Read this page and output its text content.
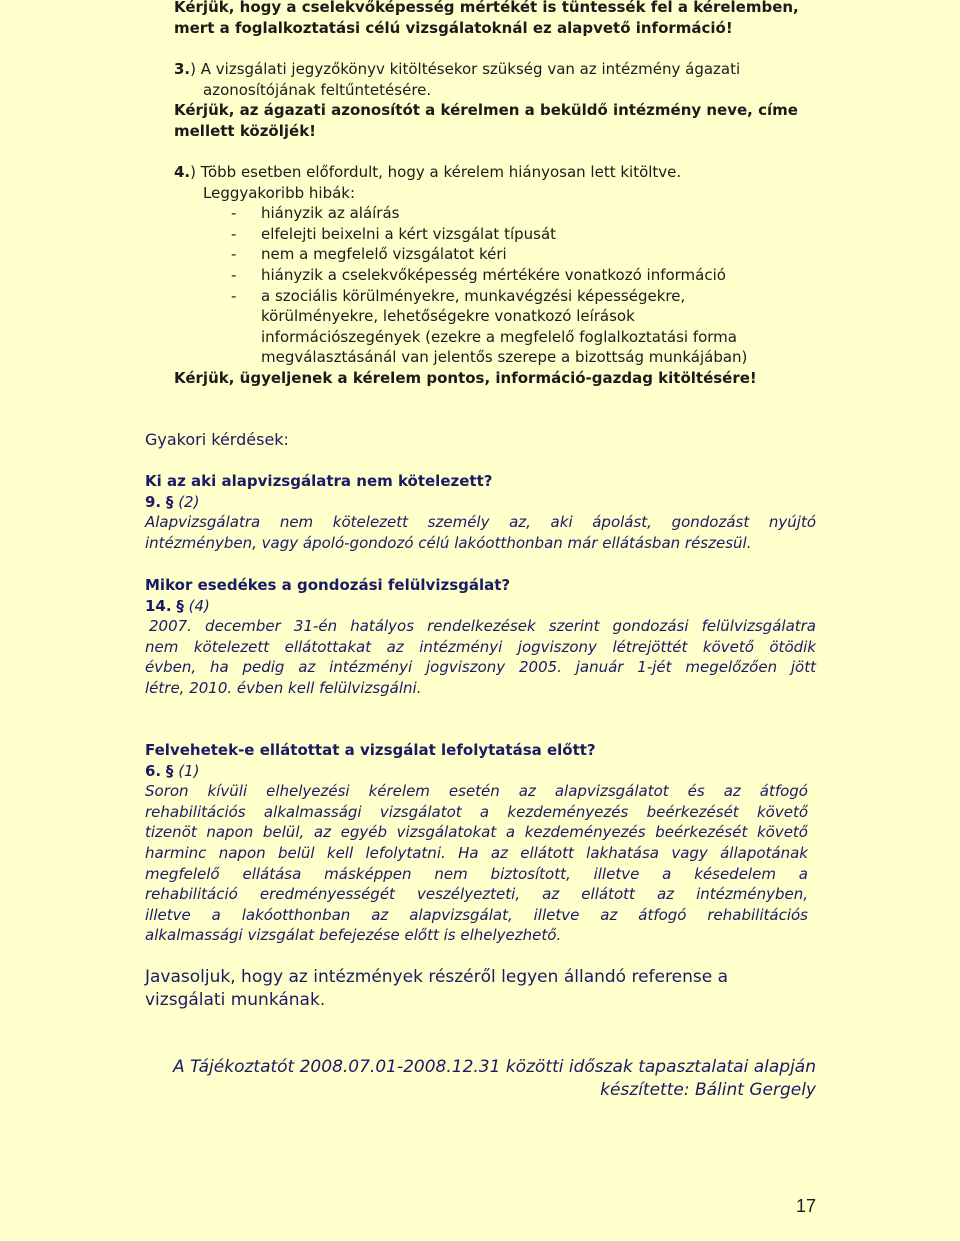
Kérjük, hogy a cselekvőképesség mértékét is tüntessék fel a kérelemben,
mert a foglalkoztatási célú vizsgálatoknál ez alapvető információ!
3.) A vizsgálati jegyzőkönyv kitöltésekor szükség van az intézmény ágazati
azonosítójának feltűntetésére.
Kérjük, az ágazati azonosítót a kérelmen a beküldő intézmény neve, címe
mellett közöljék!
4.) Több esetben előfordult, hogy a kérelem hiányosan lett kitöltve.
Leggyakoribb hibák:
- hiányzik az aláírás
- elfelejti beixelni a kért vizsgálat típusát
- nem a megfelelő vizsgálatot kéri
- hiányzik a cselekvőképesség mértékére vonatkozó információ
- a szociális körülményekre, munkavégzési képességekre,
körülményekre, lehetőségekre vonatkozó leírások
információszegények (ezekre a megfelelő foglalkoztatási forma
megválasztásánál van jelentős szerepe a bizottság munkájában)
Kérjük, ügyeljenek a kérelem pontos, információ-gazdag kitöltésére!
Gyakori kérdések:
Ki az aki alapvizsgálatra nem kötelezett?
9. § (2)
Alapvizsgálatra nem kötelezett személy az, aki ápolást, gondozást nyújtó
intézményben, vagy ápoló-gondozó célú lakóotthonban már ellátásban részesül.
Mikor esedékes a gondozási felülvizsgálat?
14. § (4)
2007. december 31-én hatályos rendelkezések szerint gondozási felülvizsgálatra
nem kötelezett ellátottakat az intézményi jogviszony létrejöttét követő ötödik
évben, ha pedig az intézményi jogviszony 2005. január 1-jét megelőzően jött
létre, 2010. évben kell felülvizsgálni.
Felvehetek-e ellátottat a vizsgálat lefolytatása előtt?
6. § (1)
Soron kívüli elhelyezési kérelem esetén az alapvizsgálatot és az átfogó
rehabilitációs alkalmassági vizsgálatot a kezdeményezés beérkezését követő
tizenöt napon belül, az egyéb vizsgálatokat a kezdeményezés beérkezését követő
harminc napon belül kell lefolytatni. Ha az ellátott lakhatása vagy állapotának
megfelelő ellátása másképpen nem biztosított, illetve a késedelem a
rehabilitáció eredményességét veszélyezteti, az ellátott az intézményben,
illetve a lakóotthonban az alapvizsgálat, illetve az átfogó rehabilitációs
alkalmassági vizsgálat befejezése előtt is elhelyezhető.
Javasoljuk, hogy az intézmények részéről legyen állandó referense a
vizsgálati munkának.
A Tájékoztatót 2008.07.01-2008.12.31 közötti időszak tapasztalatai alapján
készítette: Bálint Gergely
17
